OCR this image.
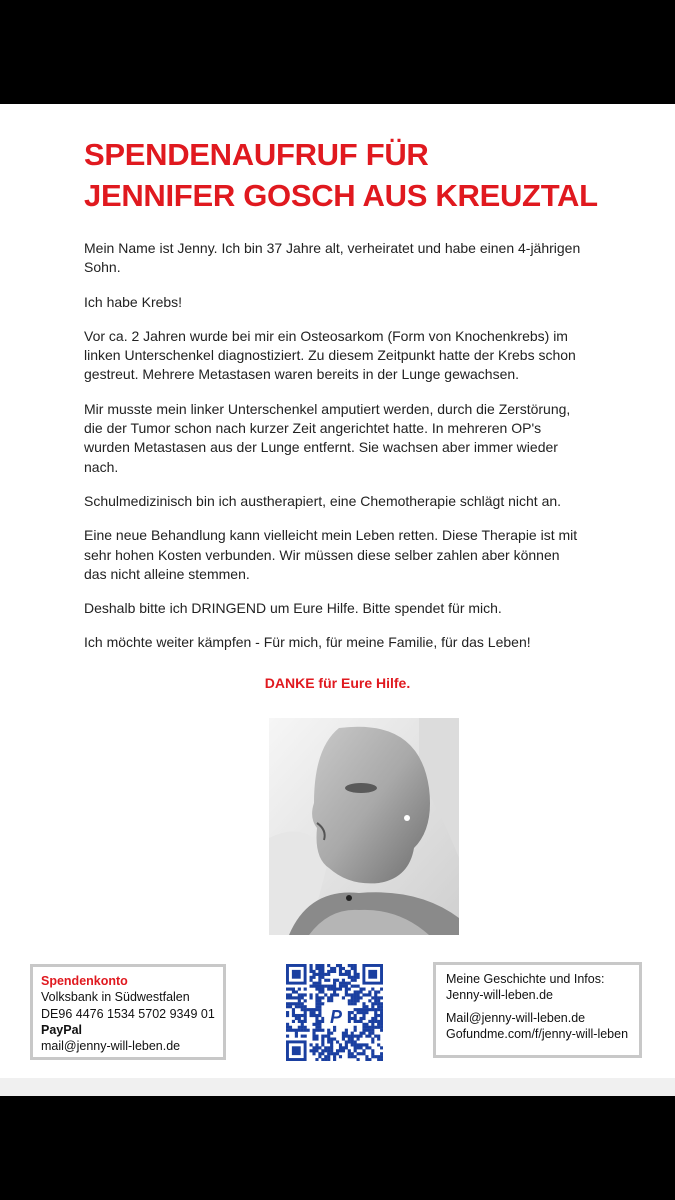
SPENDENAUFRUF FÜR
JENNIFER GOSCH AUS KREUZTAL

Mein Name ist Jenny. Ich bin 37 Jahre alt, verheiratet und habe einen 4-jährigen Sohn.

Ich habe Krebs!

Vor ca. 2 Jahren wurde bei mir ein Osteosarkom (Form von Knochenkrebs) im linken Unterschenkel diagnostiziert. Zu diesem Zeitpunkt hatte der Krebs schon gestreut. Mehrere Metastasen waren bereits in der Lunge gewachsen.

Mir musste mein linker Unterschenkel amputiert werden, durch die Zerstörung, die der Tumor schon nach kurzer Zeit angerichtet hatte. In mehreren OP's wurden Metastasen aus der Lunge entfernt. Sie wachsen aber immer wieder nach.

Schulmedizinisch bin ich austherapiert, eine Chemotherapie schlägt nicht an.

Eine neue Behandlung kann vielleicht mein Leben retten. Diese Therapie ist mit sehr hohen Kosten verbunden. Wir müssen diese selber zahlen aber können das nicht alleine stemmen.

Deshalb bitte ich DRINGEND um Eure Hilfe. Bitte spendet für mich.

Ich möchte weiter kämpfen - Für mich, für meine Familie, für das Leben!

DANKE für Eure Hilfe.
Spendenkonto
Volksbank in Südwestfalen
DE96 4476 1534 5702 9349 01
PayPal
mail@jenny-will-leben.de
P
Meine Geschichte und Infos:
Jenny-will-leben.de
Mail@jenny-will-leben.de
Gofundme.com/f/jenny-will-leben
